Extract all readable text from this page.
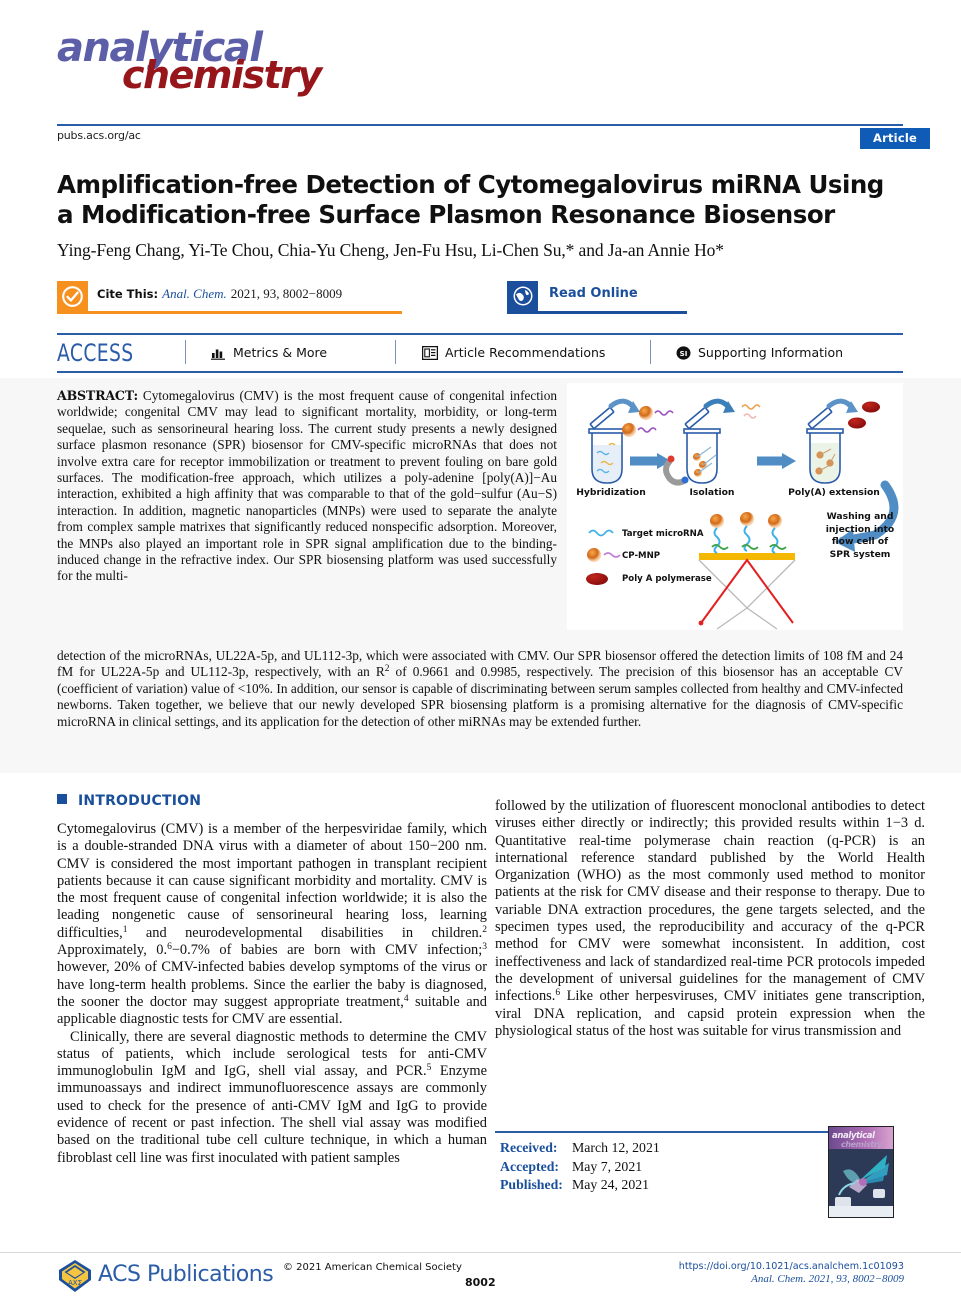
analytical
chemistry
pubs.acs.org/ac	Article
Amplification-free Detection of Cytomegalovirus miRNA Using a Modification-free Surface Plasmon Resonance Biosensor
Ying-Feng Chang, Yi-Te Chou, Chia-Yu Cheng, Jen-Fu Hsu, Li-Chen Su,* and Ja-an Annie Ho*
Cite This: Anal. Chem. 2021, 93, 8002−8009	Read Online
ACCESS	Metrics & More	Article Recommendations	SI Supporting Information
ABSTRACT: Cytomegalovirus (CMV) is the most frequent cause of congenital infection worldwide; congenital CMV may lead to significant mortality, morbidity, or long-term sequelae, such as sensorineural hearing loss. The current study presents a newly designed surface plasmon resonance (SPR) biosensor for CMV-specific microRNAs that does not involve extra care for receptor immobilization or treatment to prevent fouling on bare gold surfaces. The modification-free approach, which utilizes a poly-adenine [poly(A)]−Au interaction, exhibited a high affinity that was comparable to that of the gold−sulfur (Au−S) interaction. In addition, magnetic nanoparticles (MNPs) were used to separate the analyte from complex sample matrixes that significantly reduced nonspecific adsorption. Moreover, the MNPs also played an important role in SPR signal amplification due to the binding-induced change in the refractive index. Our SPR biosensing platform was used successfully for the multi-
Hybridization	Isolation	Poly(A) extension
Target microRNA
CP-MNP
Poly A polymerase
Washing and injection into flow cell of SPR system
detection of the microRNAs, UL22A-5p, and UL112-3p, which were associated with CMV. Our SPR biosensor offered the detection limits of 108 fM and 24 fM for UL22A-5p and UL112-3p, respectively, with an $R^2$ of 0.9661 and 0.9985, respectively. The precision of this biosensor has an acceptable CV (coefficient of variation) value of <10%. In addition, our sensor is capable of discriminating between serum samples collected from healthy and CMV-infected newborns. Taken together, we believe that our newly developed SPR biosensing platform is a promising alternative for the diagnosis of CMV-specific microRNA in clinical settings, and its application for the detection of other miRNAs may be extended further.
INTRODUCTION

Cytomegalovirus (CMV) is a member of the herpesviridae family, which is a double-stranded DNA virus with a diameter of about 150−200 nm. CMV is considered the most important pathogen in transplant recipient patients because it can cause significant morbidity and mortality. CMV is the most frequent cause of congenital infection worldwide; it is also the leading nongenetic cause of sensorineural hearing loss, learning difficulties,$^1$ and neurodevelopmental disabilities in children.$^2$ Approximately, 0.$^6$−0.7% of babies are born with CMV infection;$^3$ however, 20% of CMV-infected babies develop symptoms of the virus or have long-term health problems. Since the earlier the baby is diagnosed, the sooner the doctor may suggest appropriate treatment,$^4$ suitable and applicable diagnostic tests for CMV are essential.

Clinically, there are several diagnostic methods to determine the CMV status of patients, which include serological tests for anti-CMV immunoglobulin IgM and IgG, shell vial assay, and PCR.$^5$ Enzyme immunoassays and indirect immunofluorescence assays are commonly used to check for the presence of anti-CMV IgM and IgG to provide evidence of recent or past infection. The shell vial assay was modified based on the traditional tube cell culture technique, in which a human fibroblast cell line was first inoculated with patient samples

followed by the utilization of fluorescent monoclonal antibodies to detect viruses either directly or indirectly; this provided results within 1−3 d. Quantitative real-time polymerase chain reaction (q-PCR) is an international reference standard published by the World Health Organization (WHO) as the most commonly used method to monitor patients at the risk for CMV disease and their response to therapy. Due to variable DNA extraction procedures, the gene targets selected, and the specimen types used, the reproducibility and accuracy of the q-PCR method for CMV were somewhat inconsistent. In addition, cost ineffectiveness and lack of standardized real-time PCR protocols impeded the development of universal guidelines for the management of CMV infections.$^6$ Like other herpesviruses, CMV initiates gene transcription, viral DNA replication, and capsid protein expression when the physiological status of the host was suitable for virus transmission and

Received: March 12, 2021
Accepted: May 7, 2021
Published: May 24, 2021
analytical
chemistry
ΑΧΣ ACS Publications © 2021 American Chemical Society
8002
https://doi.org/10.1021/acs.analchem.1c01093
Anal. Chem. 2021, 93, 8002−8009
